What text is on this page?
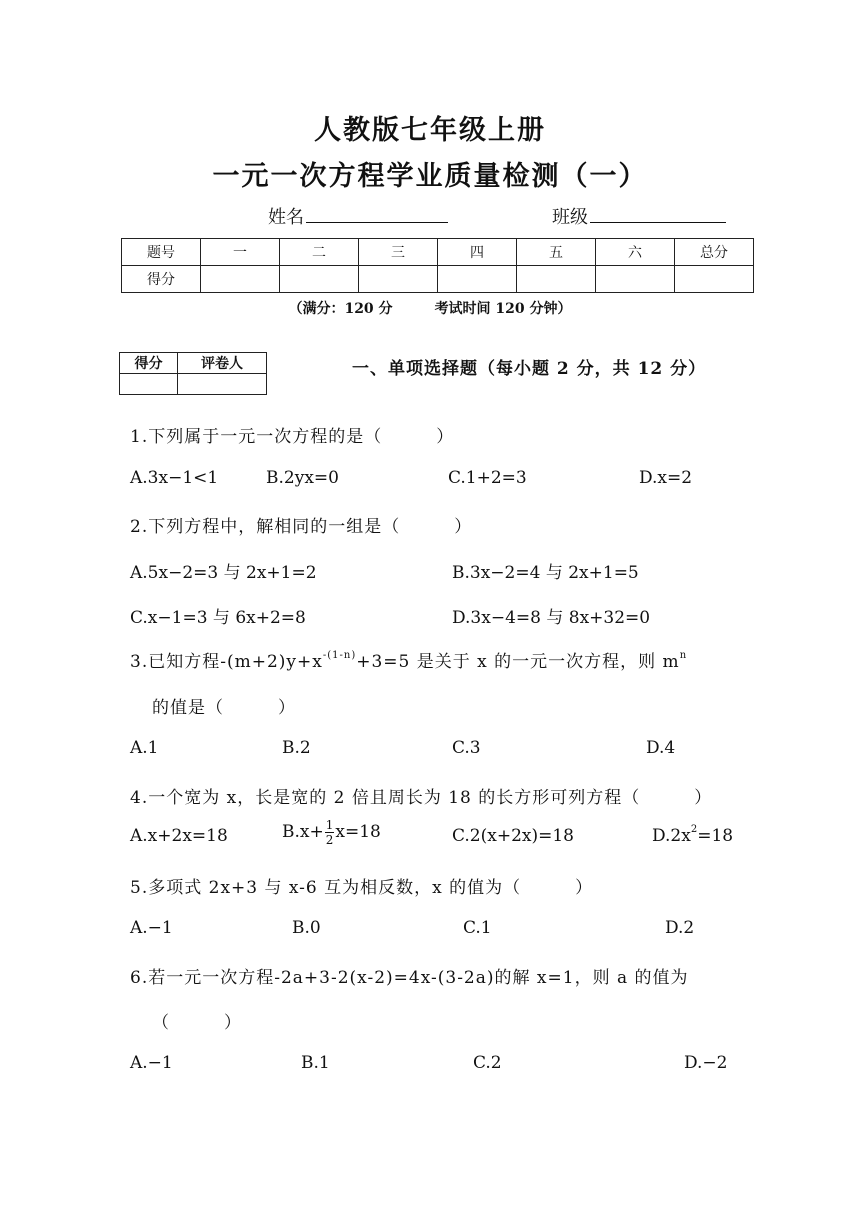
人教版七年级上册
一元一次方程学业质量检测（一）
姓名	班级
题号	一	二	三	四	五	六	总分
得分							
（满分：120 分	考试时间 120 分钟）
得分	评卷人
		一、单项选择题（每小题 2 分，共 12 分）
1.下列属于一元一次方程的是（　　　）
A.3x−1<1	B.2yx=0	C.1+2=3	D.x=2
2.下列方程中，解相同的一组是（　　　）
A.5x−2=3 与 2x+1=2	B.3x−2=4 与 2x+1=5
C.x−1=3 与 6x+2=8	D.3x−4=8 与 8x+32=0
3.已知方程$-(m+2)y+x^{-(1-n)}+3=5$ 是关于 x 的一元一次方程，则 $m^n$
的值是（　　　）
A.1	B.2	C.3	D.4
4.一个宽为 x，长是宽的 2 倍且周长为 18 的长方形可列方程（　　　）
A.x+2x=18	$B.x+ \frac{1}{2} x=18$	C.2(x+2x)=18	$D.2x^2=18$
5.多项式 2x+3 与 x-6 互为相反数，x 的值为（　　　）
A.−1	B.0	C.1	D.2
6.若一元一次方程-2a+3-2(x-2)=4x-(3-2a)的解 x=1，则 a 的值为
（　　　）
A.−1	B.1	C.2	D.−2
